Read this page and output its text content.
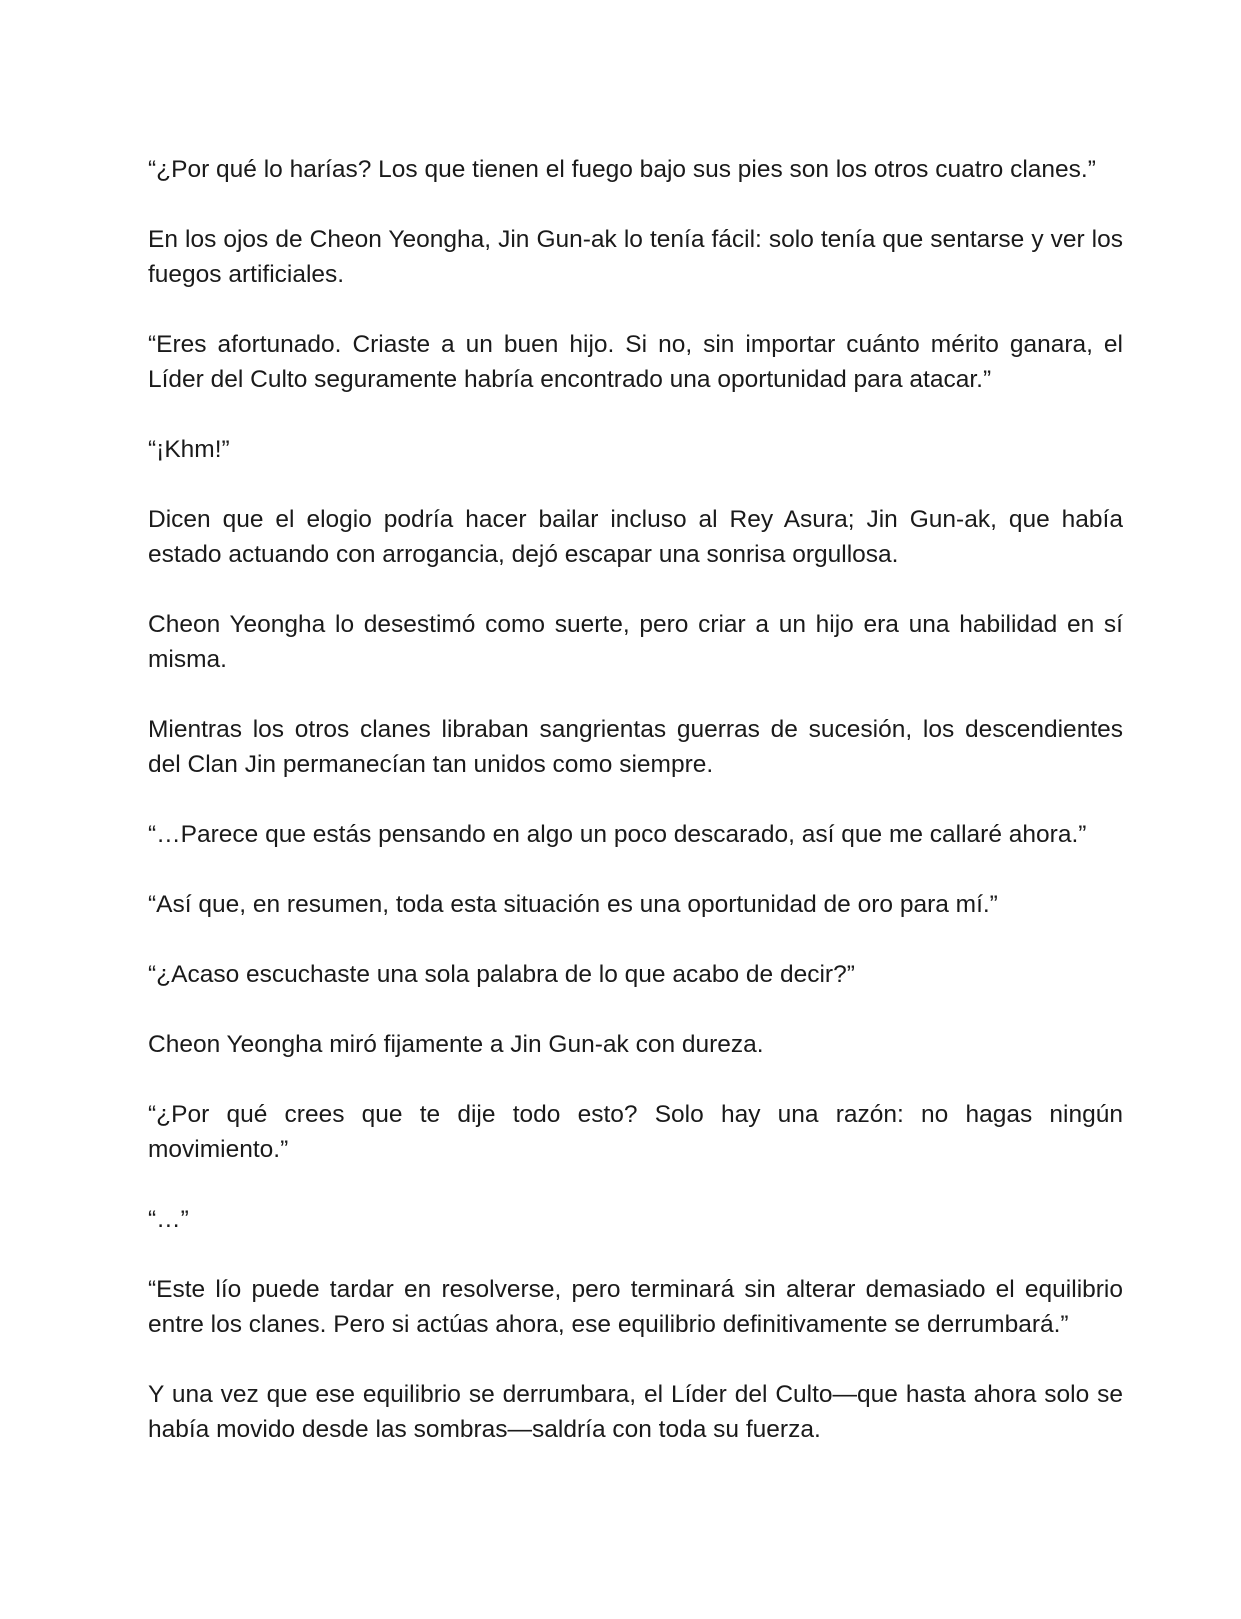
“¿Por qué lo harías? Los que tienen el fuego bajo sus pies son los otros cuatro clanes.”

En los ojos de Cheon Yeongha, Jin Gun-ak lo tenía fácil: solo tenía que sentarse y ver los fuegos artificiales.

“Eres afortunado. Criaste a un buen hijo. Si no, sin importar cuánto mérito ganara, el Líder del Culto seguramente habría encontrado una oportunidad para atacar.”

“¡Khm!”

Dicen que el elogio podría hacer bailar incluso al Rey Asura; Jin Gun-ak, que había estado actuando con arrogancia, dejó escapar una sonrisa orgullosa.

Cheon Yeongha lo desestimó como suerte, pero criar a un hijo era una habilidad en sí misma.

Mientras los otros clanes libraban sangrientas guerras de sucesión, los descendientes del Clan Jin permanecían tan unidos como siempre.

“…Parece que estás pensando en algo un poco descarado, así que me callaré ahora.”

“Así que, en resumen, toda esta situación es una oportunidad de oro para mí.”

“¿Acaso escuchaste una sola palabra de lo que acabo de decir?”

Cheon Yeongha miró fijamente a Jin Gun-ak con dureza.

“¿Por qué crees que te dije todo esto? Solo hay una razón: no hagas ningún movimiento.”

“…”

“Este lío puede tardar en resolverse, pero terminará sin alterar demasiado el equilibrio entre los clanes. Pero si actúas ahora, ese equilibrio definitivamente se derrumbará.”

Y una vez que ese equilibrio se derrumbara, el Líder del Culto—que hasta ahora solo se había movido desde las sombras—saldría con toda su fuerza.
